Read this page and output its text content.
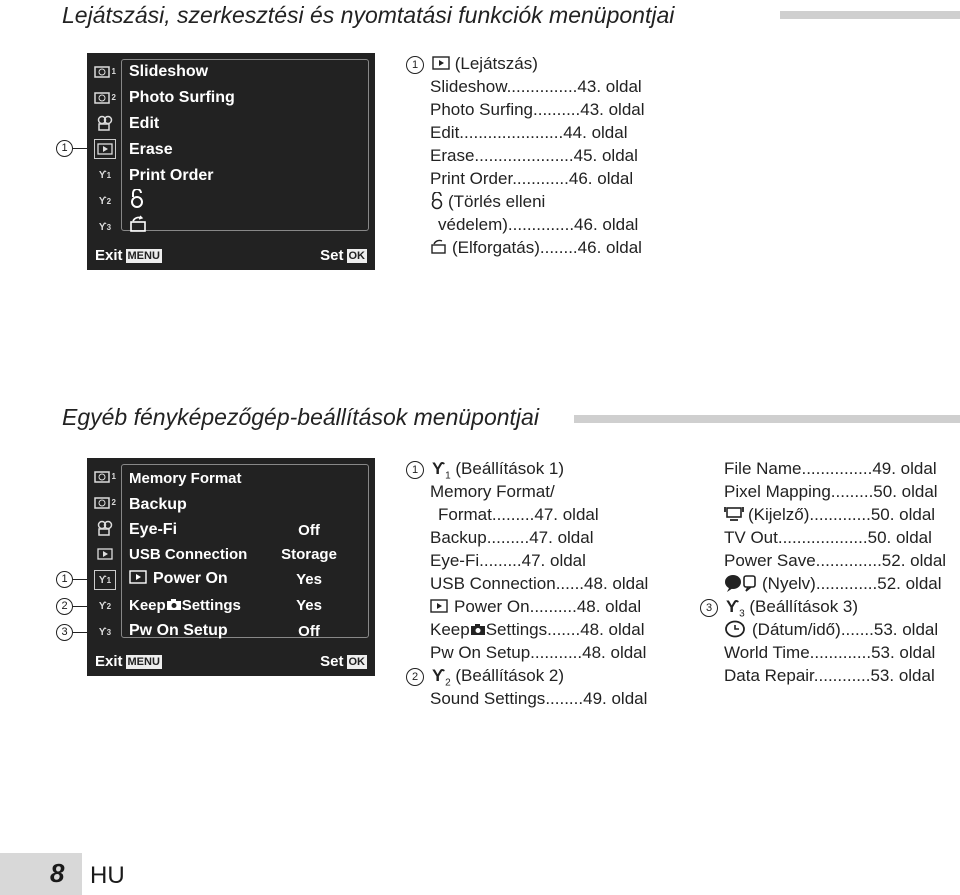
Lejátszási, szerkesztési és nyomtatási funkciók menüpontjai
1
2
ϒ 1
ϒ 2
ϒ 3
Slideshow
Photo Surfing
Edit
Erase
Print Order
Exit MENU	Set OK
1
1 (Lejátszás)
Slideshow...............43. oldal
Photo Surfing..........43. oldal
Edit......................44. oldal
Erase.....................45. oldal
Print Order............46. oldal
(Törlés elleni
védelem)..............46. oldal
(Elforgatás)........46. oldal
Egyéb fényképezőgép-beállítások menüpontjai
1
2
ϒ 1
ϒ 2
ϒ 3
Memory Format
Backup
Eye-Fi
USB Connection
Power On
Keep Settings
Pw On Setup
Off
Storage
Yes
Yes
Off
Exit MENU	Set OK
1
2
3
1 $ϒ_1$ (Beállítások 1)
Memory Format/
Format.........47. oldal
Backup.........47. oldal
Eye-Fi.........47. oldal
USB Connection......48. oldal
Power On..........48. oldal
Keep Settings.......48. oldal
Pw On Setup...........48. oldal
2 $ϒ_2$ (Beállítások 2)
Sound Settings........49. oldal
File Name...............49. oldal
Pixel Mapping.........50. oldal
(Kijelző).............50. oldal
TV Out...................50. oldal
Power Save..............52. oldal
(Nyelv).............52. oldal
3 $ϒ_3$ (Beállítások 3)
(Dátum/idő).......53. oldal
World Time.............53. oldal
Data Repair............53. oldal
8 HU
